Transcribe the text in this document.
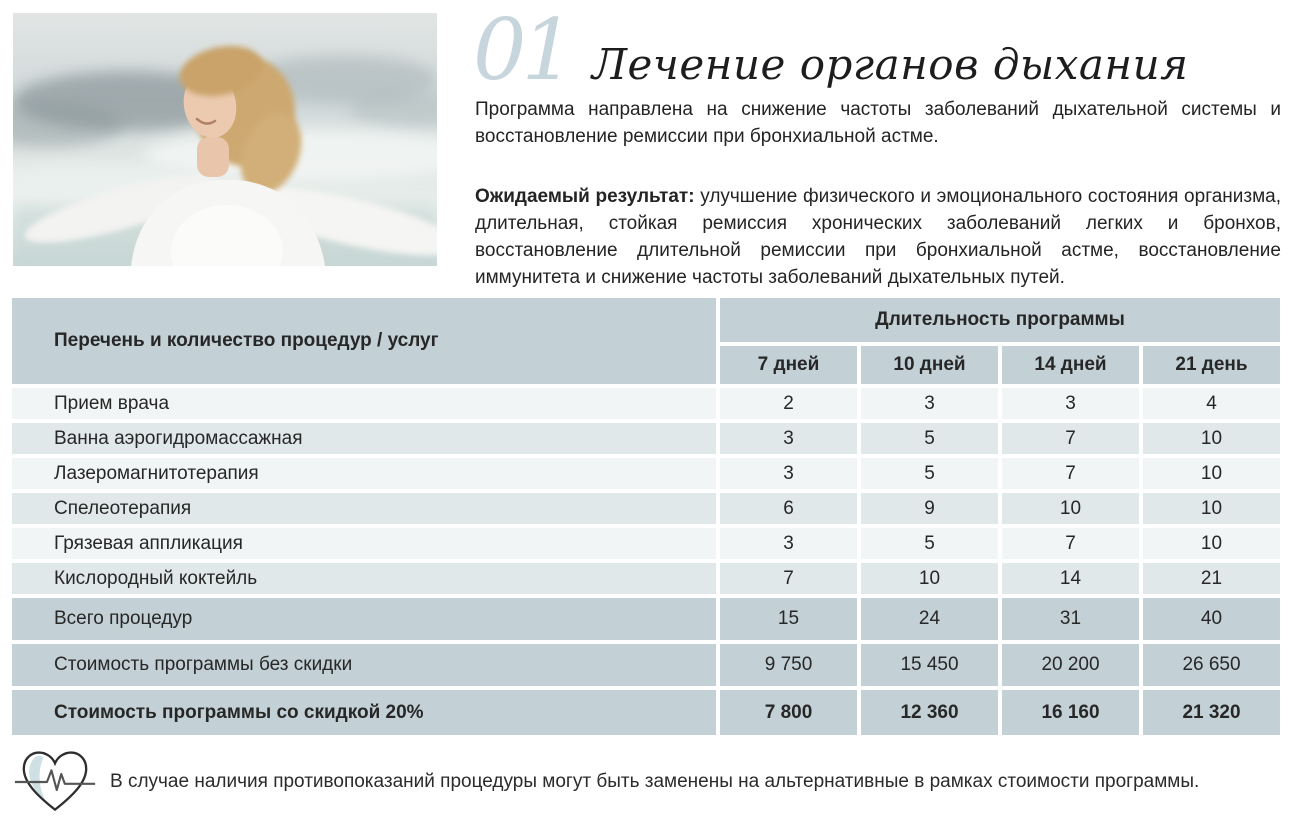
01 Лечение органов дыхания
Программа направлена на снижение частоты заболеваний дыхательной системы и восстановление ремиссии при бронхиальной астме.
Ожидаемый результат: улучшение физического и эмоционального состояния организма, длительная, стойкая ремиссия хронических заболеваний легких и бронхов, восстановление длительной ремиссии при бронхиальной астме, восстановление иммунитета и снижение частоты заболеваний дыхательных путей.
Перечень и количество процедур / услуг	Длительность программы			
	7 дней	10 дней	14 дней	21 день
Прием врача	2	3	3	4
Ванна аэрогидромассажная	3	5	7	10
Лазеромагнитотерапия	3	5	7	10
Спелеотерапия	6	9	10	10
Грязевая аппликация	3	5	7	10
Кислородный коктейль	7	10	14	21
Всего процедур	15	24	31	40
Стоимость программы без скидки	9 750	15 450	20 200	26 650
Стоимость программы со скидкой 20%	7 800	12 360	16 160	21 320
В случае наличия противопоказаний процедуры могут быть заменены на альтернативные в рамках стоимости программы.
